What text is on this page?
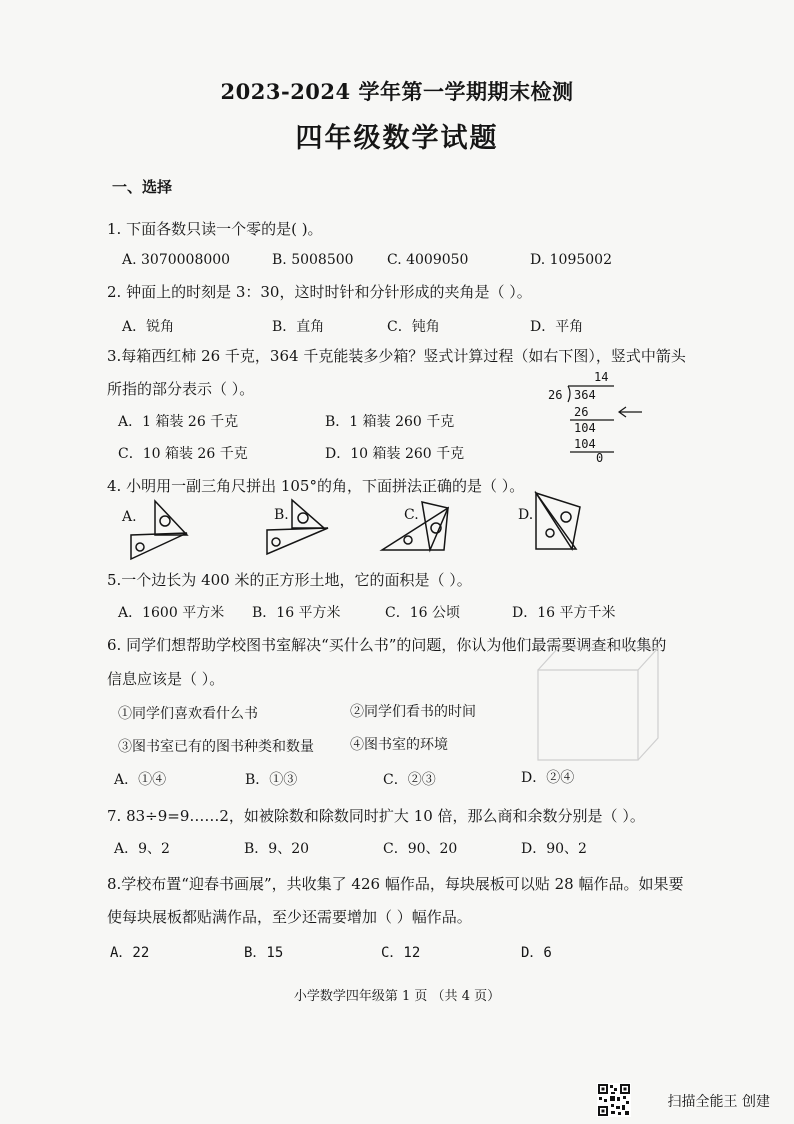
2023-2024 学年第一学期期末检测
四年级数学试题
一、选择
1. 下面各数只读一个零的是( )。
A. 3070008000	B. 5008500 C. 4009050	D. 1095002
2. 钟面上的时刻是 3：30，这时时针和分针形成的夹角是（ ）。
A．锐角	B．直角	C．钝角	D．平角
3.每箱西红柿 26 千克，364 千克能装多少箱？竖式计算过程（如右下图），竖式中箭头
所指的部分表示（ ）。
A．1 箱装 26 千克	B．1 箱装 260 千克
C．10 箱装 26 千克	D．10 箱装 260 千克
14
26 364
26
104
104
0
4. 小明用一副三角尺拼出 105°的角，下面拼法正确的是（ ）。
A.	B.	C.	D.
5.一个边长为 400 米的正方形土地，它的面积是（ ）。
A．1600 平方米 B．16 平方米	C．16 公顷	D．16 平方千米
6. 同学们想帮助学校图书室解决“买什么书”的问题，你认为他们最需要调查和收集的
信息应该是（ ）。
①同学们喜欢看什么书	②同学们看书的时间
③图书室已有的图书种类和数量	④图书室的环境
A．①④	B．①③	C．②③	D．②④
7. 83÷9=9……2，如被除数和除数同时扩大 10 倍，那么商和余数分别是（ ）。
A．9、2	B．9、20	C．90、20	D．90、2
8.学校布置“迎春书画展”，共收集了 426 幅作品，每块展板可以贴 28 幅作品。如果要
使每块展板都贴满作品，至少还需要增加（ ）幅作品。
A．22	B．15	C．12	D．6
小学数学四年级第 1 页 （共 4 页）
扫描全能王 创建
